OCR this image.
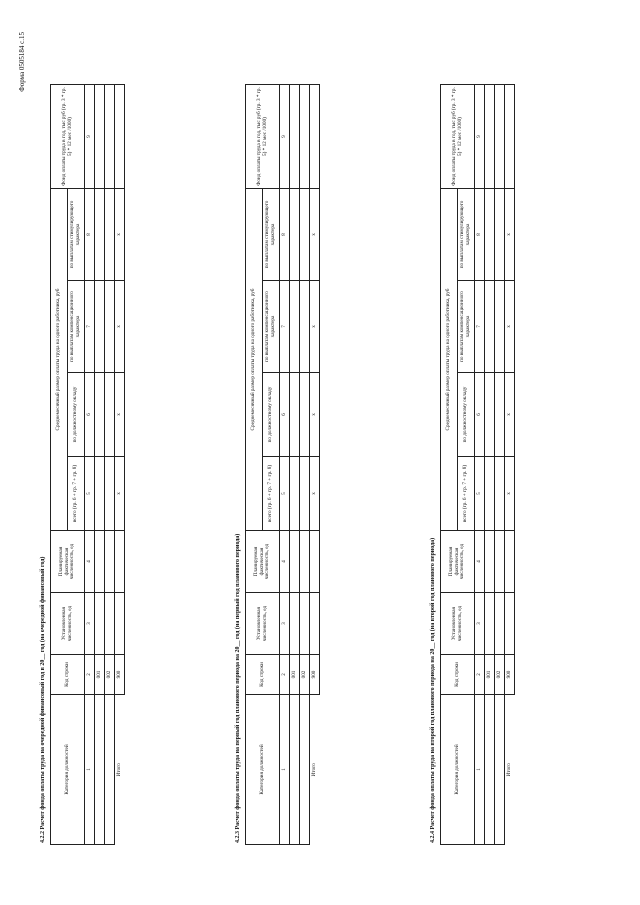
Форма 0505184 с.15
4.2.2 Расчет фонда оплаты труда на очередной финансовый год в 20__ год (на очередной финансовый год)	Категория должностей	Код строки	Установленная численность, ед	Планируемая фактическая численность, ед	Среднемесячный размер оплаты труда на одного работника, руб				Фонд оплаты труда в год, тыс руб (гр. 3 * гр. 5) * 12 мес /1000)
				всего (гр. 6 + гр. 7 + гр. 8)	по должностному окладу	по выплатам компенсационного характера	по выплатам стимулирующего характера	
1	2	3	4	5	6	7	8	9
	001							
	002							
Итого	900			x	x	x	x	
4.2.3 Расчет фонда оплаты труда на первый год планового периода на 20__ год (на первый год планового периода)	Категория должностей	Код строки	Установленная численность, ед	Планируемая фактическая численность, ед	Среднемесячный размер оплаты труда на одного работника, руб				Фонд оплаты труда в год, тыс руб (гр. 3 * гр. 5) * 12 мес /1000)
				всего (гр. 6 + гр. 7 + гр. 8)	по должностному окладу	по выплатам компенсационного характера	по выплатам стимулирующего характера	
1	2	3	4	5	6	7	8	9
	001							
	002							
Итого	900			x	x	x	x	
4.2.4 Расчет фонда оплаты труда на второй год планового периода на 20__ год (на второй год планового периода)	Категория должностей	Код строки	Установленная численность, ед	Планируемая фактическая численность, ед	Среднемесячный размер оплаты труда на одного работника, руб				Фонд оплаты труда в год, тыс руб (гр. 3 * гр. 5) * 12 мес /1000)
				всего (гр. 6 + гр. 7 + гр. 8)	по должностному окладу	по выплатам компенсационного характера	по выплатам стимулирующего характера	
1	2	3	4	5	6	7	8	9
	001							
	002							
Итого	900			x	x	x	x	
